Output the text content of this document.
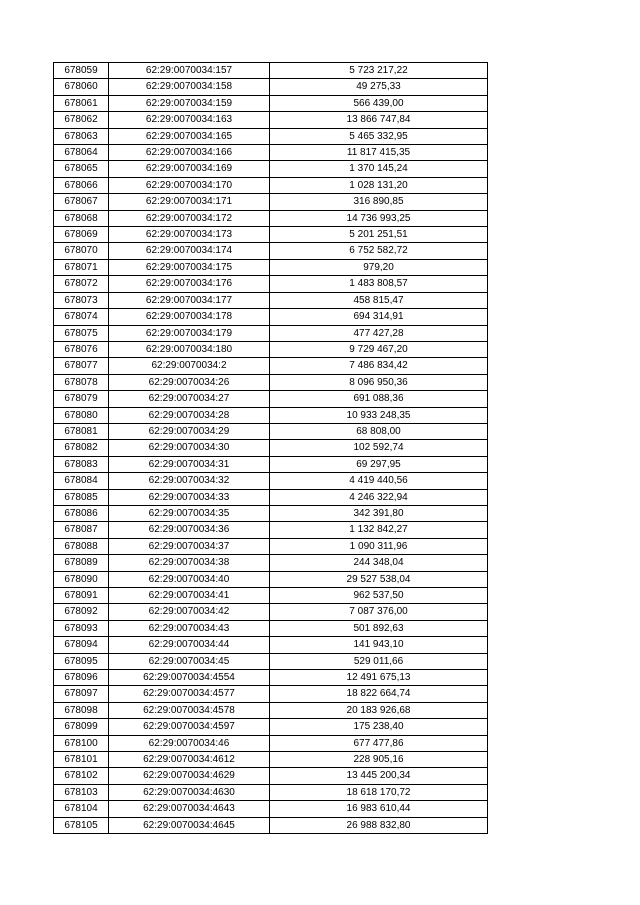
678059	62:29:0070034:157	5 723 217,22
678060	62:29:0070034:158	49 275,33
678061	62:29:0070034:159	566 439,00
678062	62:29:0070034:163	13 866 747,84
678063	62:29:0070034:165	5 465 332,95
678064	62:29:0070034:166	11 817 415,35
678065	62:29:0070034:169	1 370 145,24
678066	62:29:0070034:170	1 028 131,20
678067	62:29:0070034:171	316 890,85
678068	62:29:0070034:172	14 736 993,25
678069	62:29:0070034:173	5 201 251,51
678070	62:29:0070034:174	6 752 582,72
678071	62:29:0070034:175	979,20
678072	62:29:0070034:176	1 483 808,57
678073	62:29:0070034:177	458 815,47
678074	62:29:0070034:178	694 314,91
678075	62:29:0070034:179	477 427,28
678076	62:29:0070034:180	9 729 467,20
678077	62:29:0070034:2	7 486 834,42
678078	62:29:0070034:26	8 096 950,36
678079	62:29:0070034:27	691 088,36
678080	62:29:0070034:28	10 933 248,35
678081	62:29:0070034:29	68 808,00
678082	62:29:0070034:30	102 592,74
678083	62:29:0070034:31	69 297,95
678084	62:29:0070034:32	4 419 440,56
678085	62:29:0070034:33	4 246 322,94
678086	62:29:0070034:35	342 391,80
678087	62:29:0070034:36	1 132 842,27
678088	62:29:0070034:37	1 090 311,96
678089	62:29:0070034:38	244 348,04
678090	62:29:0070034:40	29 527 538,04
678091	62:29:0070034:41	962 537,50
678092	62:29:0070034:42	7 087 376,00
678093	62:29:0070034:43	501 892,63
678094	62:29:0070034:44	141 943,10
678095	62:29:0070034:45	529 011,66
678096	62:29:0070034:4554	12 491 675,13
678097	62:29:0070034:4577	18 822 664,74
678098	62:29:0070034:4578	20 183 926,68
678099	62:29:0070034:4597	175 238,40
678100	62:29:0070034:46	677 477,86
678101	62:29:0070034:4612	228 905,16
678102	62:29:0070034:4629	13 445 200,34
678103	62:29:0070034:4630	18 618 170,72
678104	62:29:0070034:4643	16 983 610,44
678105	62:29:0070034:4645	26 988 832,80
